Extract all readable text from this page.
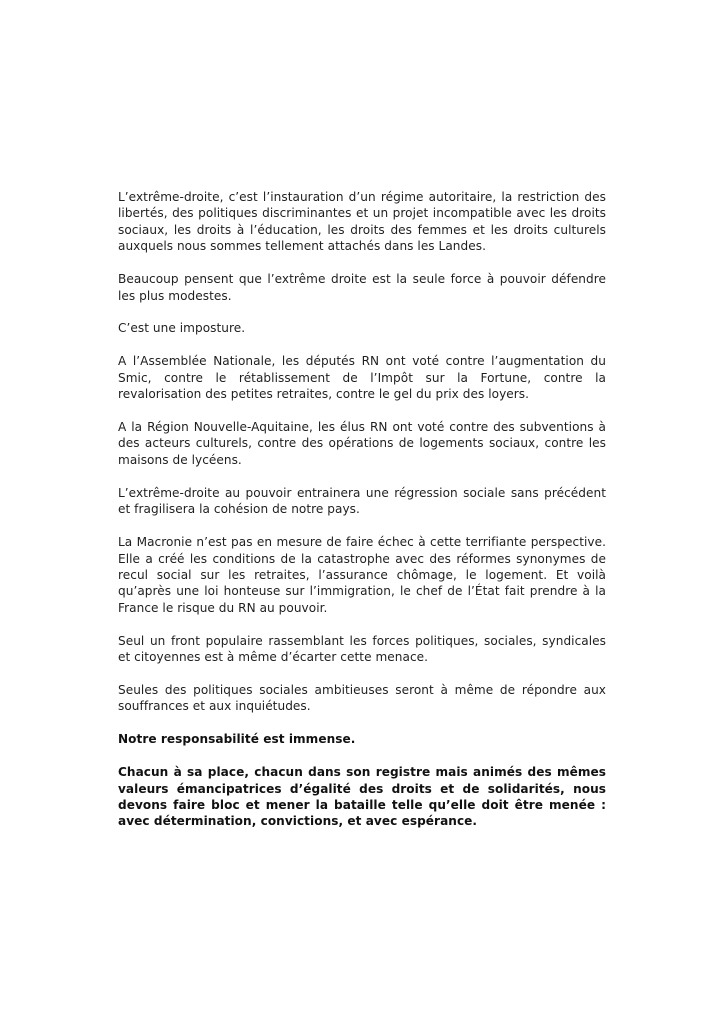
L’extrême-droite, c’est l’instauration d’un régime autoritaire, la restriction des libertés, des politiques discriminantes et un projet incompatible avec les droits sociaux, les droits à l’éducation, les droits des femmes et les droits culturels auxquels nous sommes tellement attachés dans les Landes.

Beaucoup pensent que l’extrême droite est la seule force à pouvoir défendre les plus modestes.

C’est une imposture.

A l’Assemblée Nationale, les députés RN ont voté contre l’augmentation du Smic, contre le rétablissement de l’Impôt sur la Fortune, contre la revalorisation des petites retraites, contre le gel du prix des loyers.

A la Région Nouvelle-Aquitaine, les élus RN ont voté contre des subventions à des acteurs culturels, contre des opérations de logements sociaux, contre les maisons de lycéens.

L’extrême-droite au pouvoir entrainera une régression sociale sans précédent et fragilisera la cohésion de notre pays.

La Macronie n’est pas en mesure de faire échec à cette terrifiante perspective. Elle a créé les conditions de la catastrophe avec des réformes synonymes de recul social sur les retraites, l’assurance chômage, le logement. Et voilà qu’après une loi honteuse sur l’immigration, le chef de l’État fait prendre à la France le risque du RN au pouvoir.

Seul un front populaire rassemblant les forces politiques, sociales, syndicales et citoyennes est à même d’écarter cette menace.

Seules des politiques sociales ambitieuses seront à même de répondre aux souffrances et aux inquiétudes.

Notre responsabilité est immense.

Chacun à sa place, chacun dans son registre mais animés des mêmes valeurs émancipatrices d’égalité des droits et de solidarités, nous devons faire bloc et mener la bataille telle qu’elle doit être menée : avec détermination, convictions, et avec espérance.
